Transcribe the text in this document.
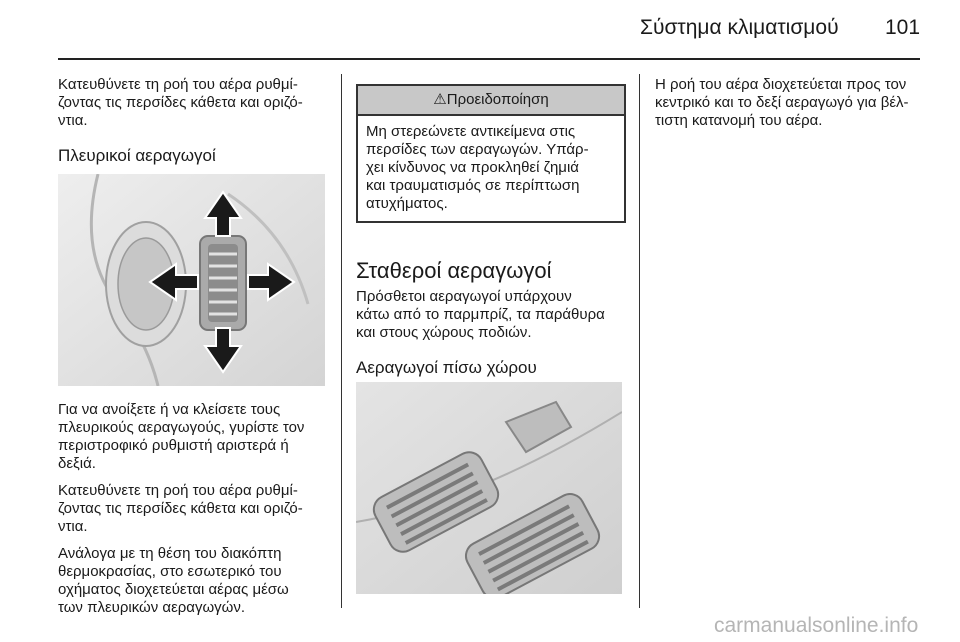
Σύστημα κλιματισμού 101

Κατευθύνετε τη ροή του αέρα ρυθμί-
ζοντας τις περσίδες κάθετα και οριζό-
ντια.

Πλευρικοί αεραγωγοί

Για να ανοίξετε ή να κλείσετε τους
πλευρικούς αεραγωγούς, γυρίστε τον
περιστροφικό ρυθμιστή αριστερά ή
δεξιά.

Κατευθύνετε τη ροή του αέρα ρυθμί-
ζοντας τις περσίδες κάθετα και οριζό-
ντια.

Ανάλογα με τη θέση του διακόπτη
θερμοκρασίας, στο εσωτερικό του
οχήματος διοχετεύεται αέρας μέσω
των πλευρικών αεραγωγών.

⚠Προειδοποίηση
Μη στερεώνετε αντικείμενα στις
περσίδες των αεραγωγών. Υπάρ-
χει κίνδυνος να προκληθεί ζημιά
και τραυματισμός σε περίπτωση
ατυχήματος.
Σταθεροί αεραγωγοί

Πρόσθετοι αεραγωγοί υπάρχουν
κάτω από το παρμπρίζ, τα παράθυρα
και στους χώρους ποδιών.

Αεραγωγοί πίσω χώρου

Η ροή του αέρα διοχετεύεται προς τον
κεντρικό και το δεξί αεραγωγό για βέλ-
τιστη κατανομή του αέρα.

carmanualsonline.info
